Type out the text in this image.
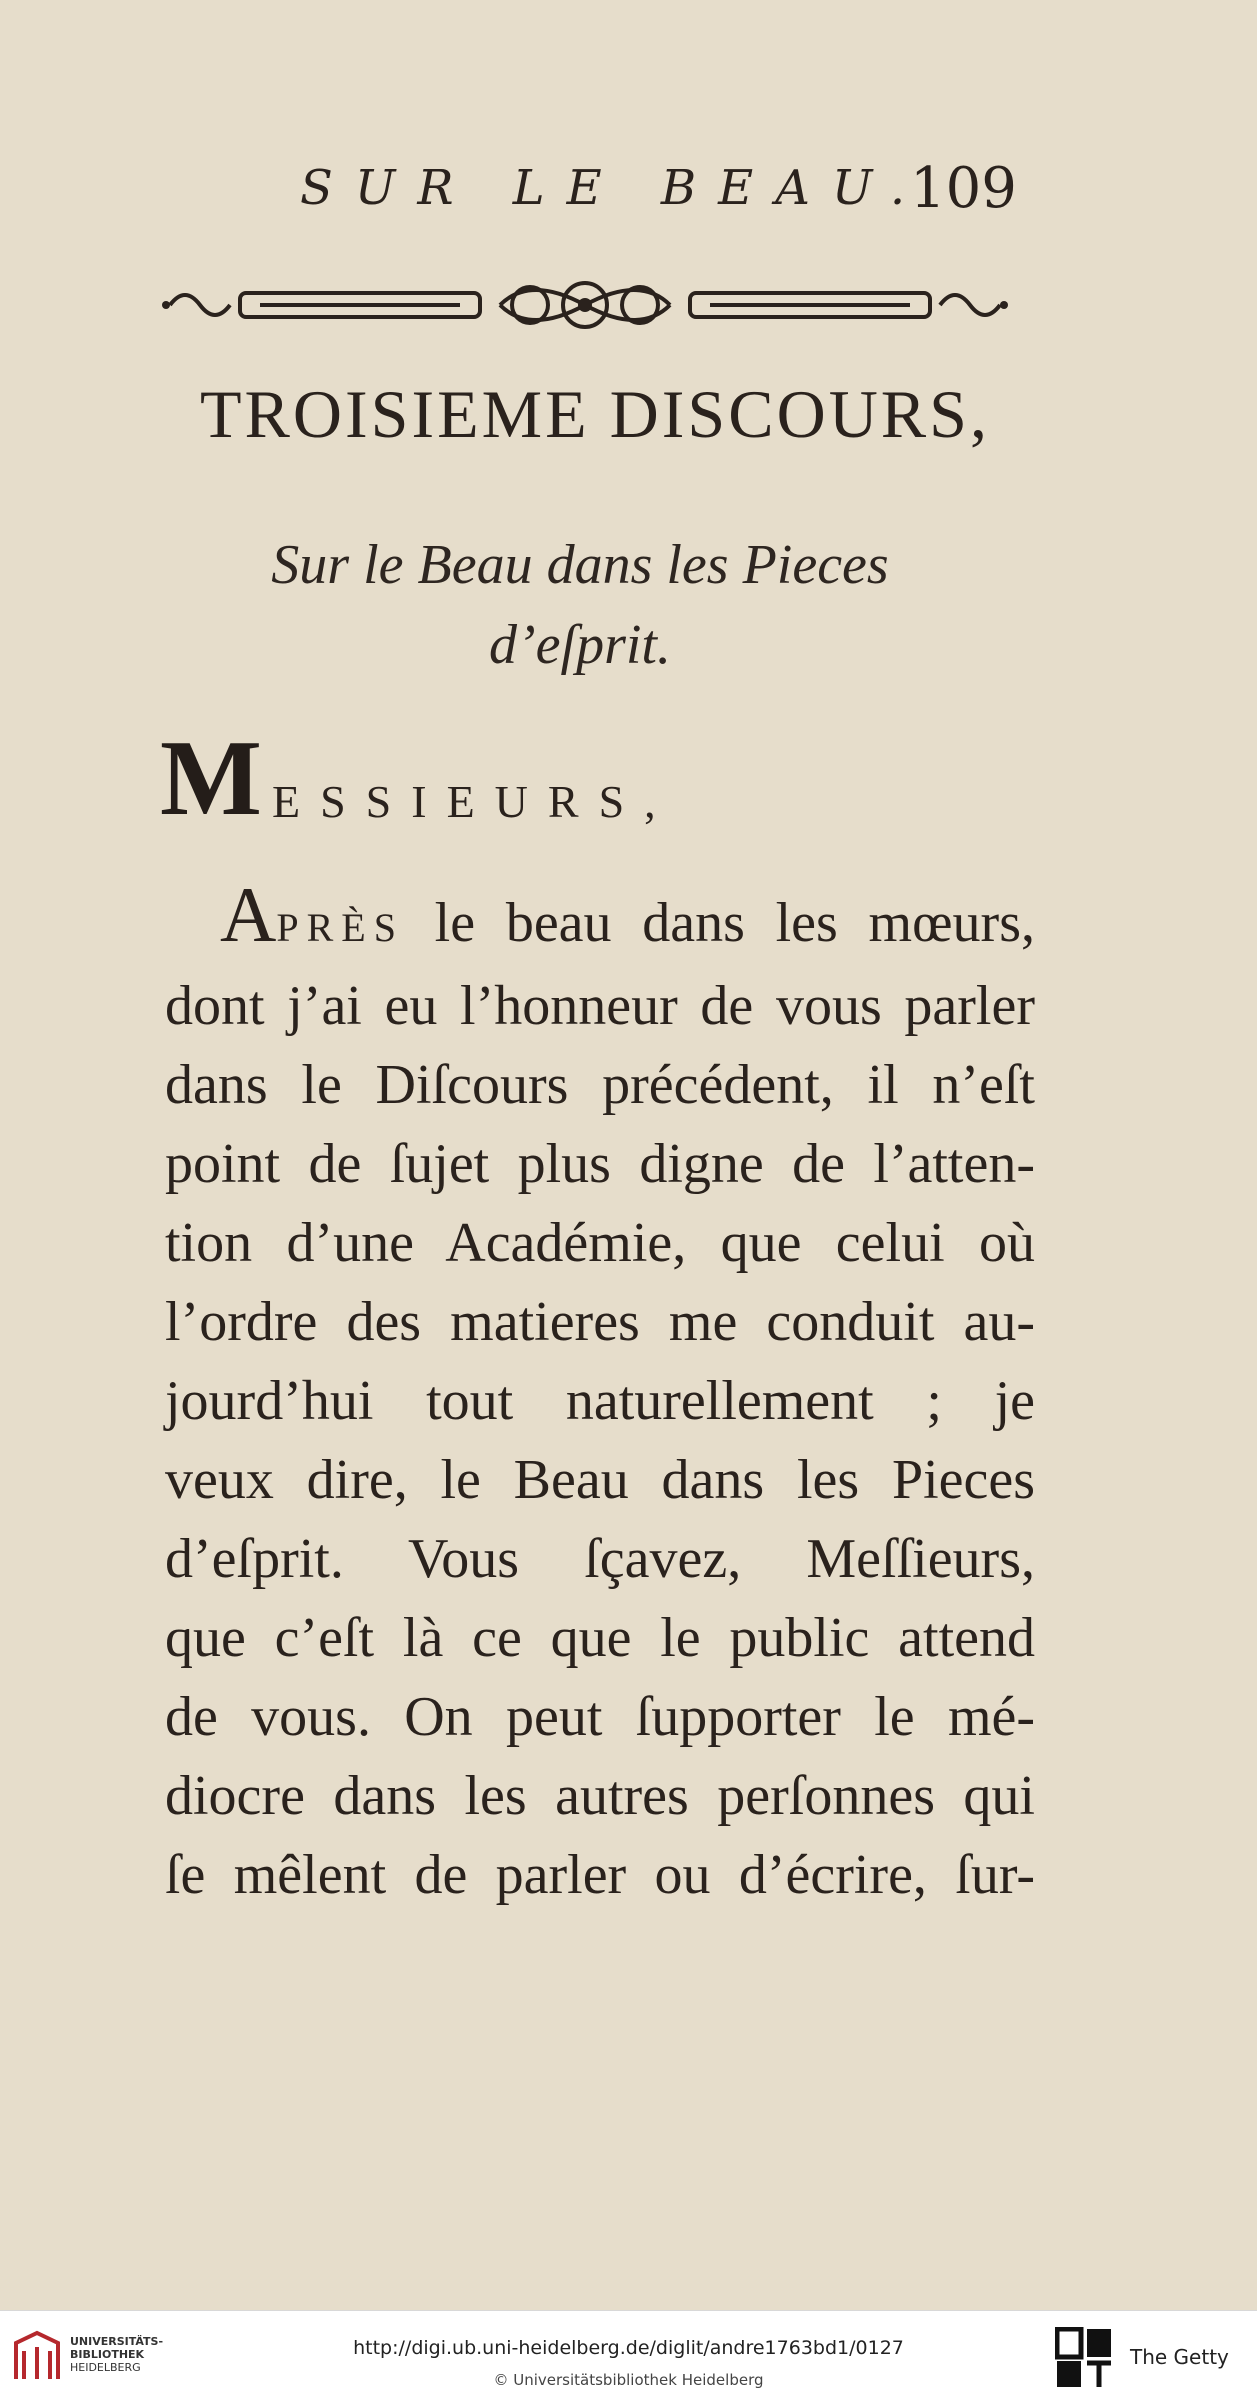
SUR LE BEAU.
109
TROISIEME DISCOURS,
Sur le Beau dans les Pieces
d’eſprit.
M ESSIEURS,
APRÈS le beau dans les mœurs,
dont j’ai eu l’honneur de vous parler
dans le Diſcours précédent, il n’eſt
point de ſujet plus digne de l’atten-
tion d’une Académie, que celui où
l’ordre des matieres me conduit au-
jourd’hui tout naturellement ; je
veux dire, le Beau dans les Pieces
d’eſprit. Vous ſçavez, Meſſieurs,
que c’eſt là ce que le public attend
de vous. On peut ſupporter le mé-
diocre dans les autres perſonnes qui
ſe mêlent de parler ou d’écrire, ſur-
UNIVERSITÄTS-
BIBLIOTHEK
HEIDELBERG
http://digi.ub.uni-heidelberg.de/diglit/andre1763bd1/0127
© Universitätsbibliothek Heidelberg
The Getty
